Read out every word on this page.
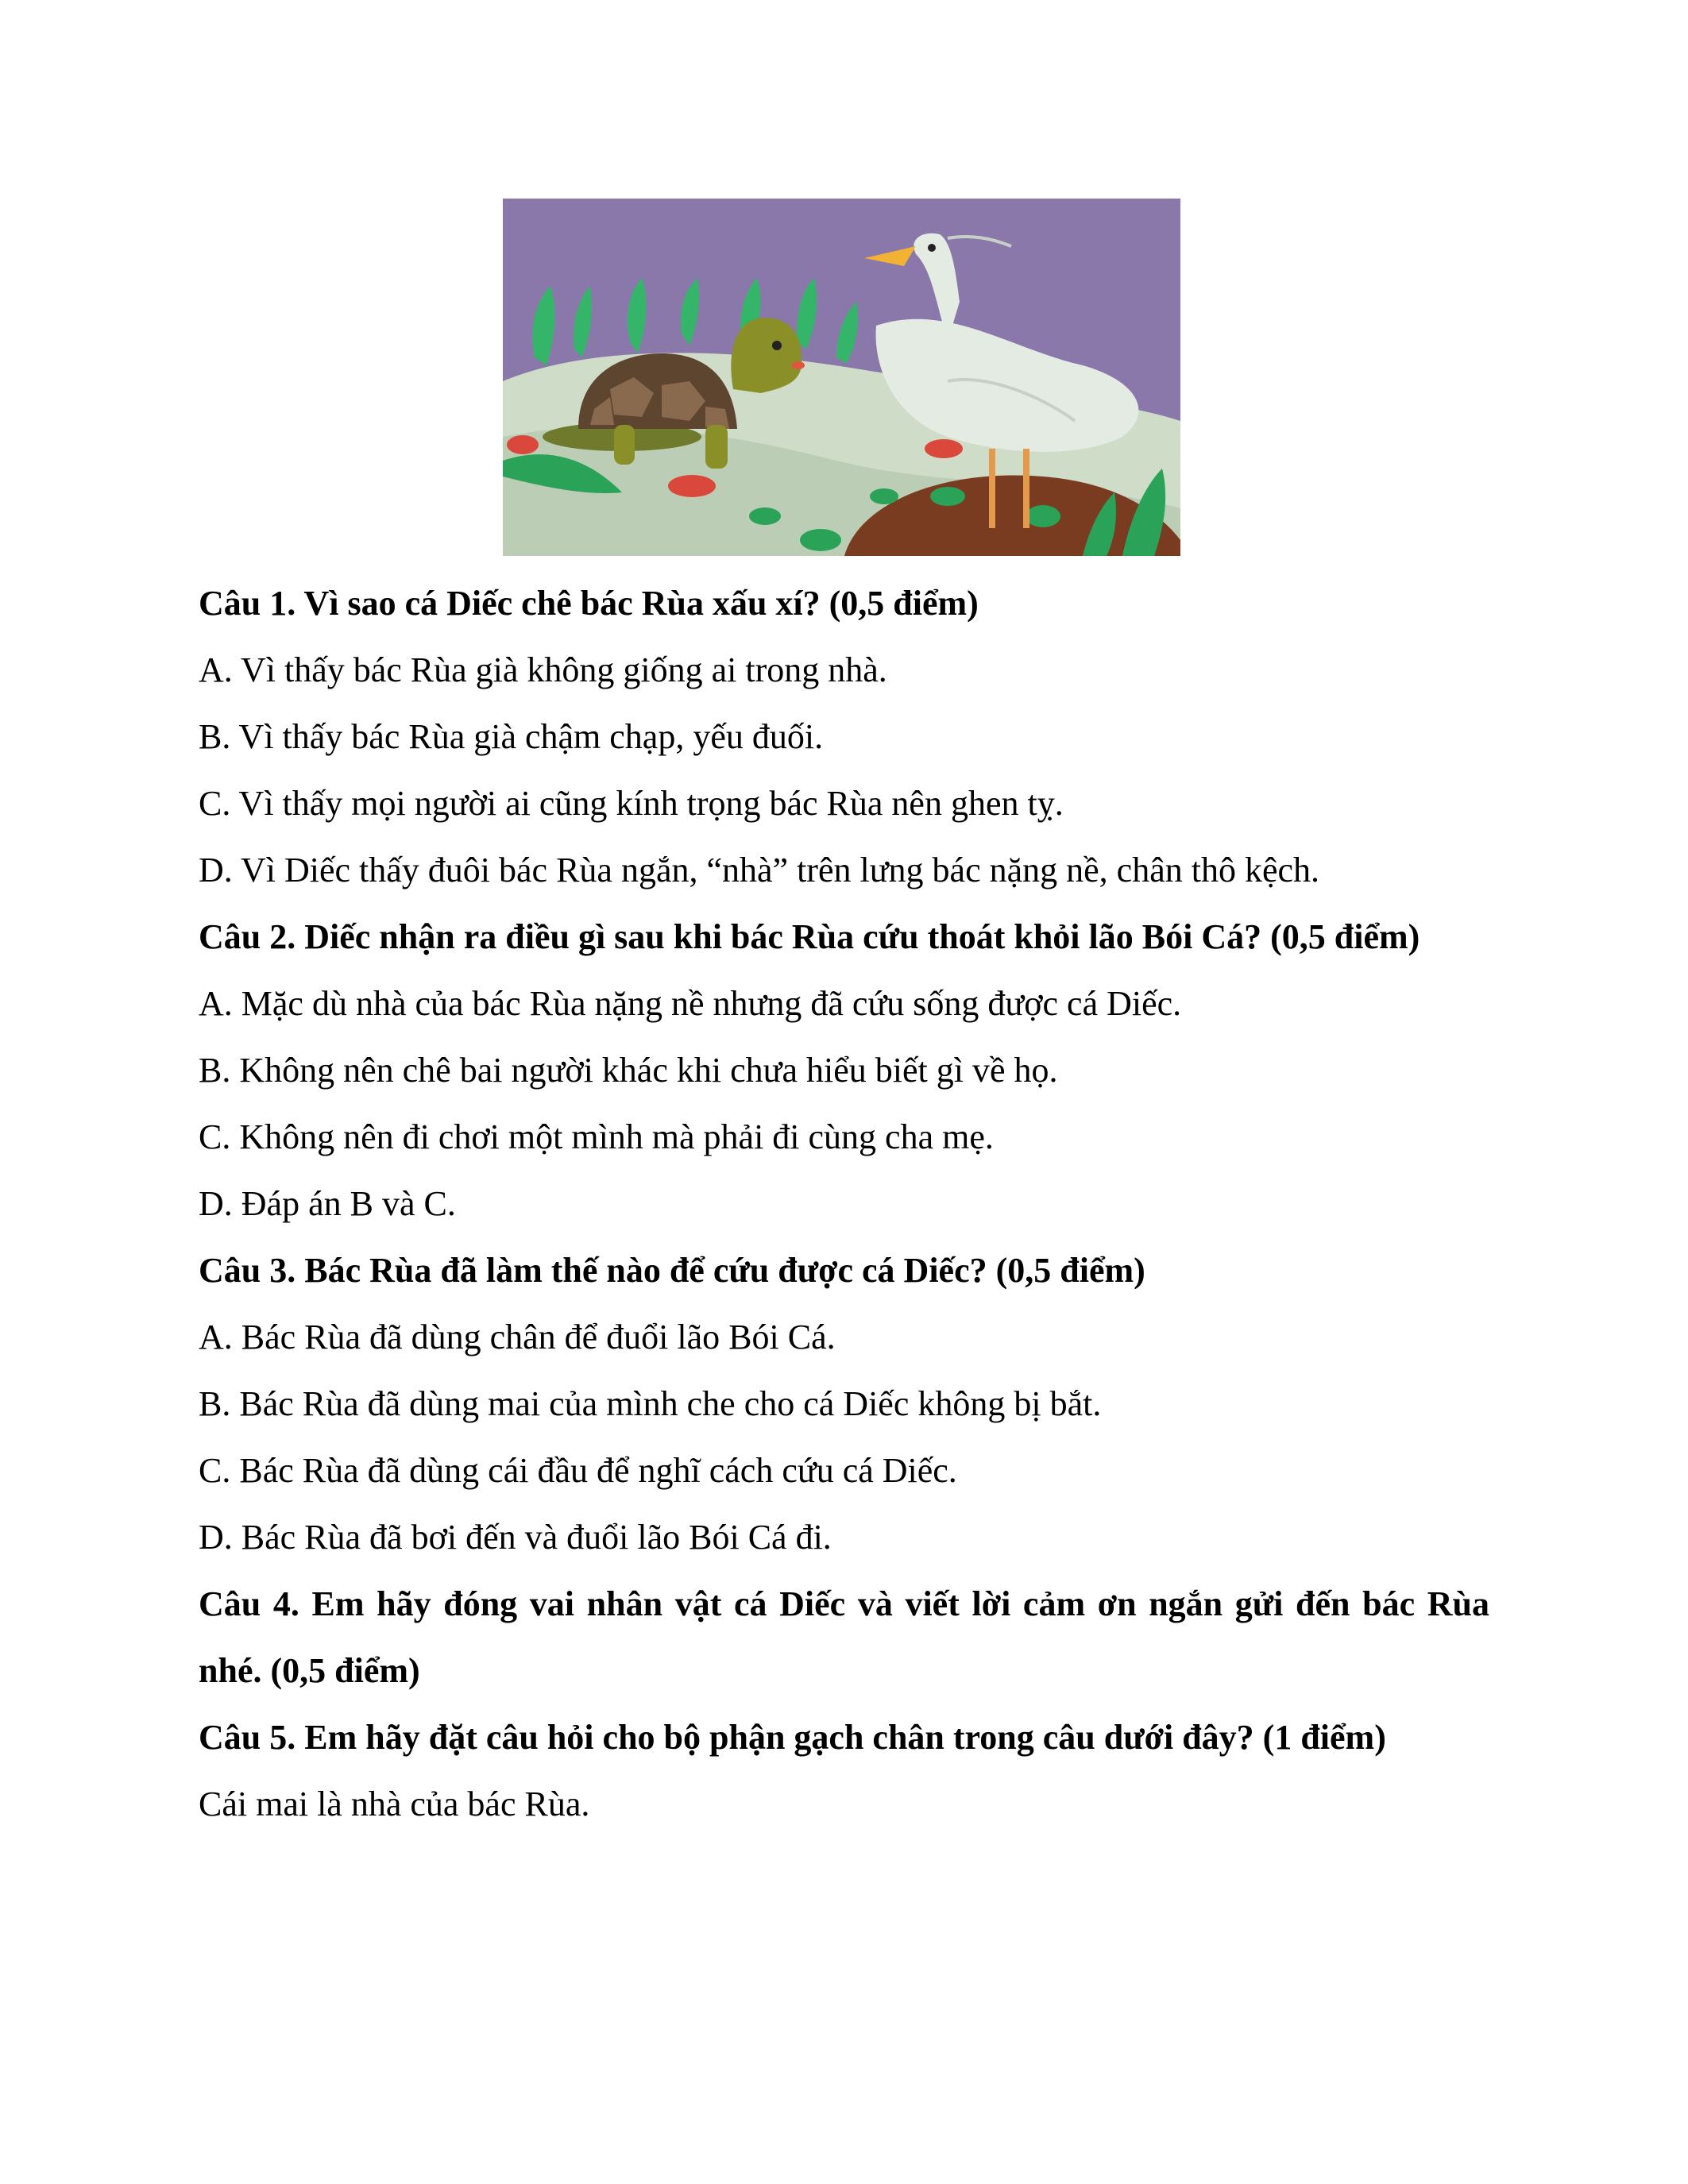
Câu 1. Vì sao cá Diếc chê bác Rùa xấu xí? (0,5 điểm)
A. Vì thấy bác Rùa già không giống ai trong nhà.
B. Vì thấy bác Rùa già chậm chạp, yếu đuối.
C. Vì thấy mọi người ai cũng kính trọng bác Rùa nên ghen tỵ.
D. Vì Diếc thấy đuôi bác Rùa ngắn, “nhà” trên lưng bác nặng nề, chân thô kệch.
Câu 2. Diếc nhận ra điều gì sau khi bác Rùa cứu thoát khỏi lão Bói Cá? (0,5 điểm)
A. Mặc dù nhà của bác Rùa nặng nề nhưng đã cứu sống được cá Diếc.
B. Không nên chê bai người khác khi chưa hiểu biết gì về họ.
C. Không nên đi chơi một mình mà phải đi cùng cha mẹ.
D. Đáp án B và C.
Câu 3. Bác Rùa đã làm thế nào để cứu được cá Diếc? (0,5 điểm)
A. Bác Rùa đã dùng chân để đuổi lão Bói Cá.
B. Bác Rùa đã dùng mai của mình che cho cá Diếc không bị bắt.
C. Bác Rùa đã dùng cái đầu để nghĩ cách cứu cá Diếc.
D. Bác Rùa đã bơi đến và đuổi lão Bói Cá đi.
Câu 4. Em hãy đóng vai nhân vật cá Diếc và viết lời cảm ơn ngắn gửi đến bác Rùa nhé. (0,5 điểm)
Câu 5. Em hãy đặt câu hỏi cho bộ phận gạch chân trong câu dưới đây? (1 điểm)
Cái mai là nhà của bác Rùa.
